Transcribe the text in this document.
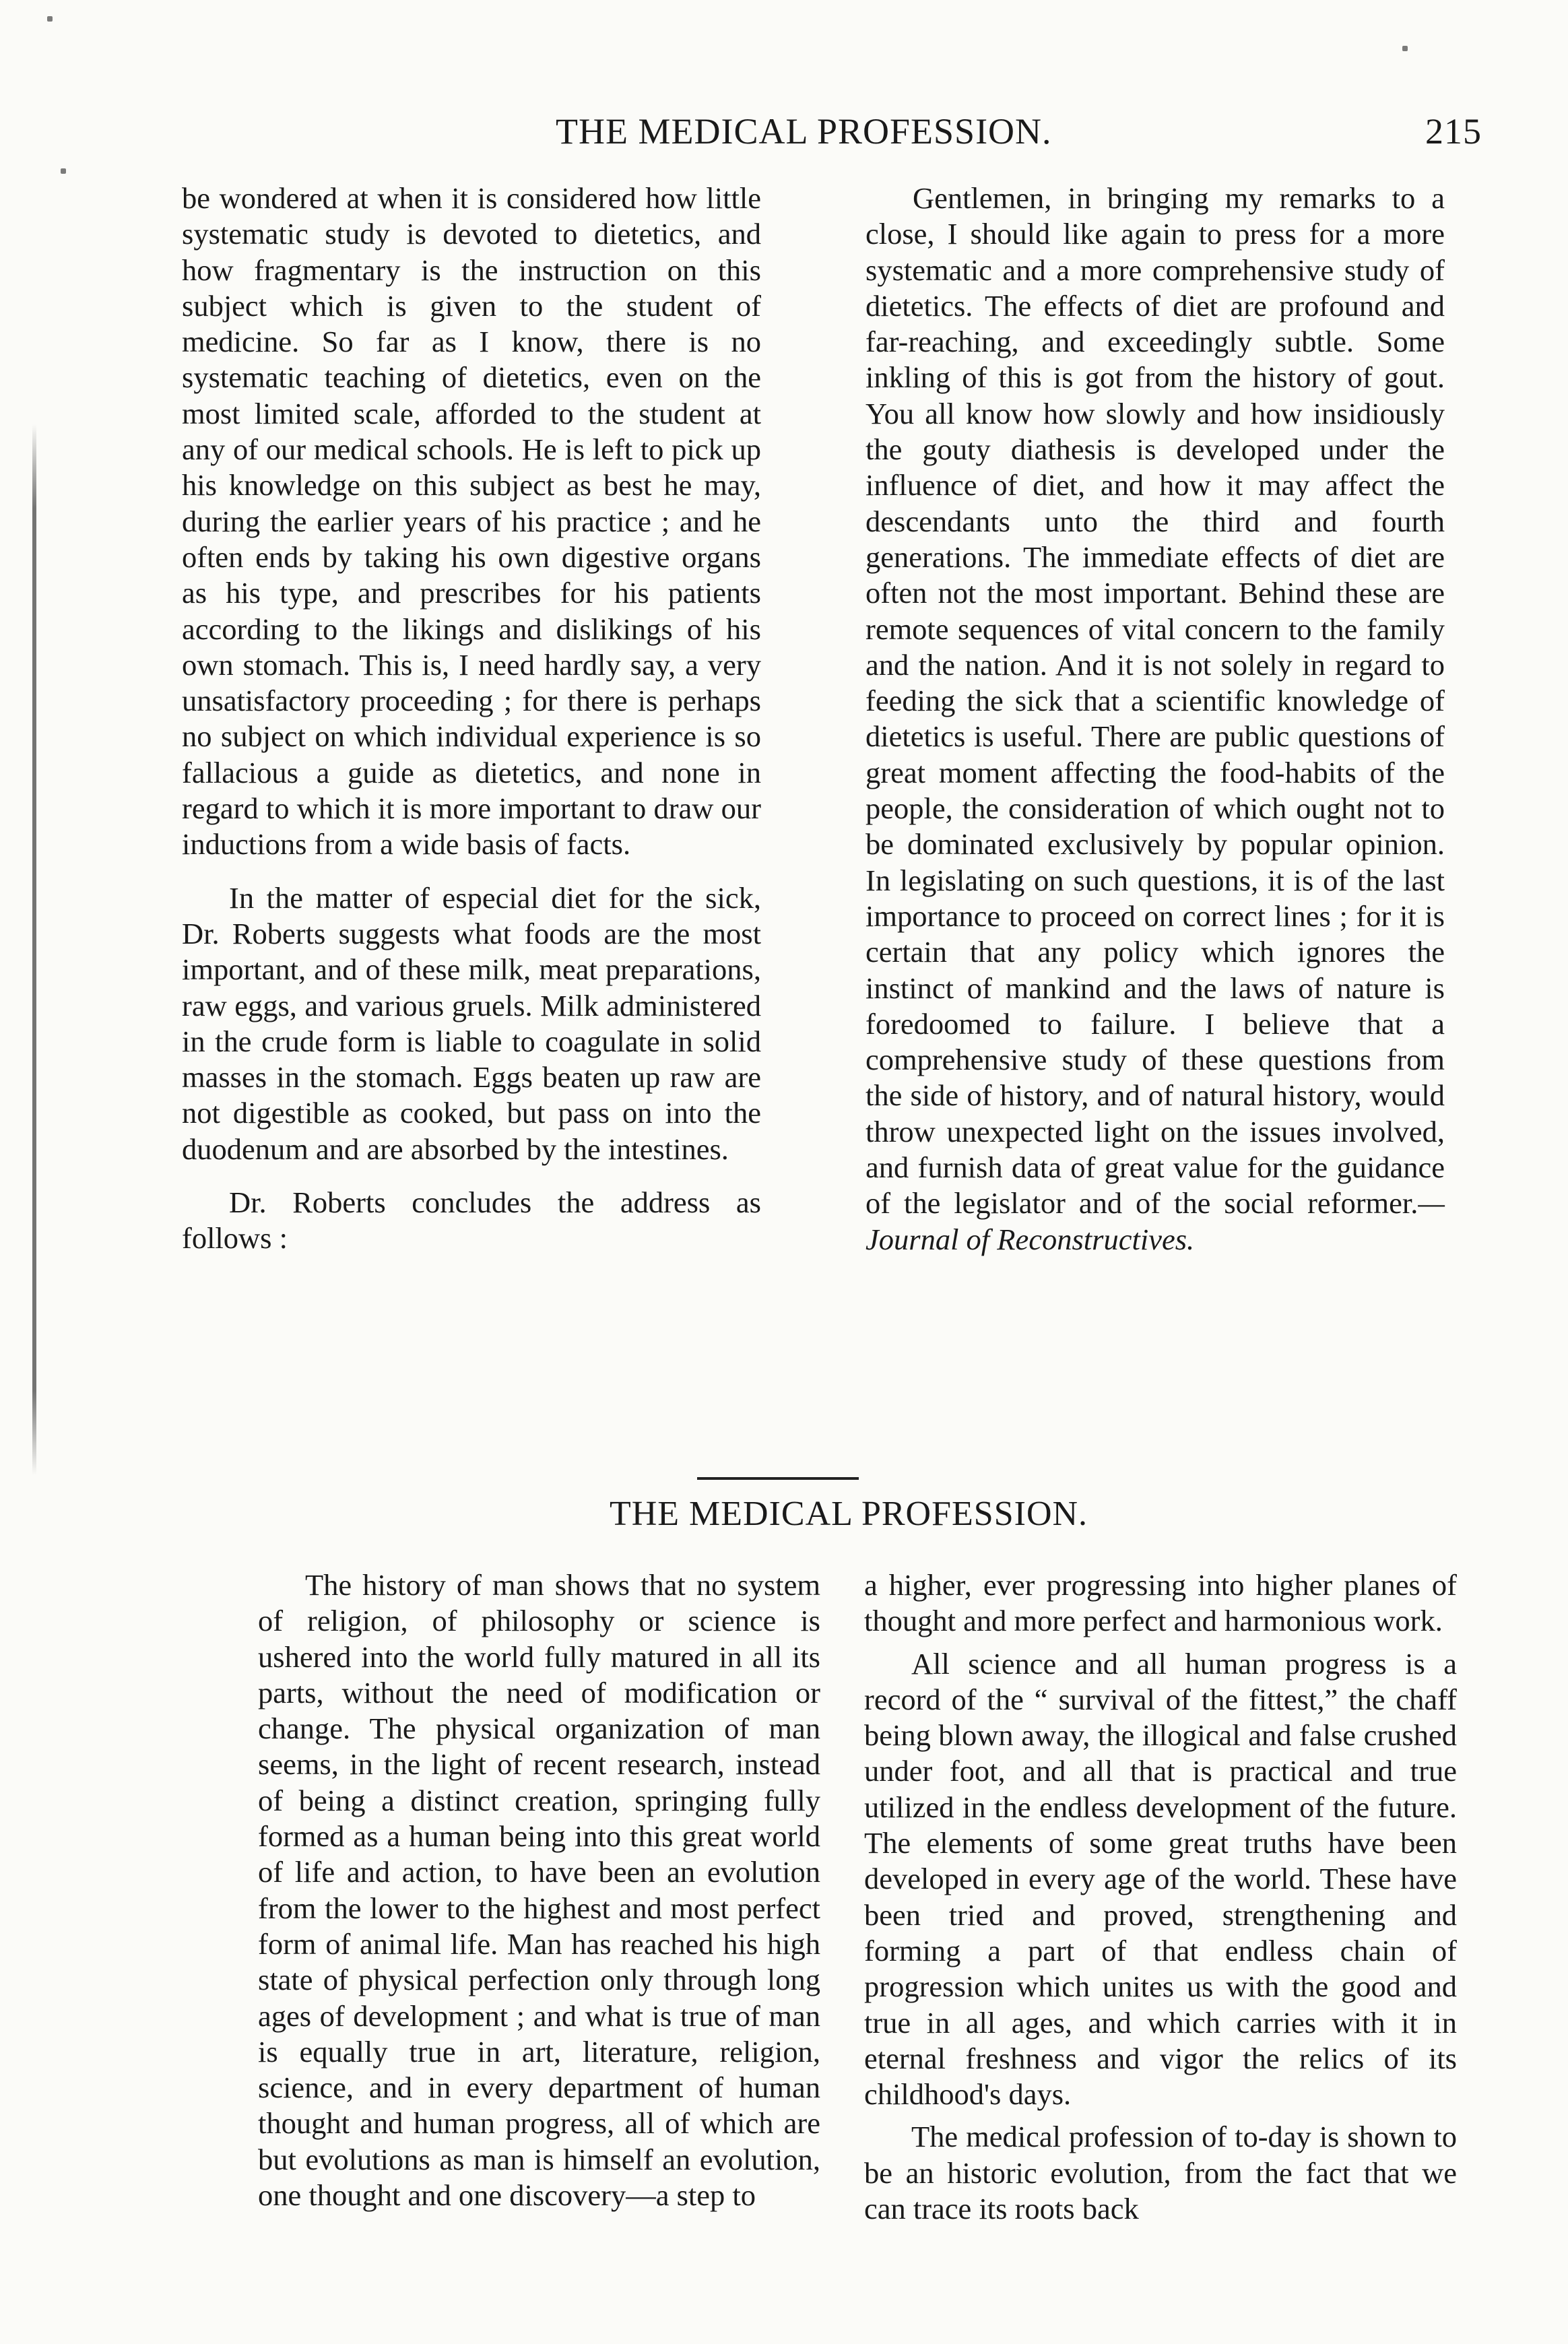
THE MEDICAL PROFESSION.	215

be wondered at when it is considered how little systematic study is devoted to dietetics, and how fragmentary is the instruction on this subject which is given to the student of medicine. So far as I know, there is no systematic teaching of dietetics, even on the most limited scale, afforded to the student at any of our medical schools. He is left to pick up his knowledge on this subject as best he may, during the earlier years of his practice ; and he often ends by taking his own digestive organs as his type, and prescribes for his patients according to the likings and dislikings of his own stomach. This is, I need hardly say, a very unsatisfactory proceeding ; for there is perhaps no subject on which individual experience is so fallacious a guide as dietetics, and none in regard to which it is more important to draw our inductions from a wide basis of facts.

In the matter of especial diet for the sick, Dr. Roberts suggests what foods are the most important, and of these milk, meat preparations, raw eggs, and various gruels. Milk administered in the crude form is liable to coagulate in solid masses in the stomach. Eggs beaten up raw are not digestible as cooked, but pass on into the duodenum and are absorbed by the intestines.

Dr. Roberts concludes the address as follows :

Gentlemen, in bringing my remarks to a close, I should like again to press for a more systematic and a more comprehensive study of dietetics. The effects of diet are profound and far-reaching, and exceedingly subtle. Some inkling of this is got from the history of gout. You all know how slowly and how insidiously the gouty diathesis is developed under the influence of diet, and how it may affect the descendants unto the third and fourth generations. The immediate effects of diet are often not the most important. Behind these are remote sequences of vital concern to the family and the nation. And it is not solely in regard to feeding the sick that a scientific knowledge of dietetics is useful. There are public questions of great moment affecting the food-habits of the people, the consideration of which ought not to be dominated exclusively by popular opinion. In legislating on such questions, it is of the last importance to proceed on correct lines ; for it is certain that any policy which ignores the instinct of mankind and the laws of nature is foredoomed to failure. I believe that a comprehensive study of these questions from the side of history, and of natural history, would throw unexpected light on the issues involved, and furnish data of great value for the guidance of the legislator and of the social reformer.—Journal of Reconstructives.

THE MEDICAL PROFESSION.

The history of man shows that no system of religion, of philosophy or science is ushered into the world fully matured in all its parts, without the need of modification or change. The physical organization of man seems, in the light of recent research, instead of being a distinct creation, springing fully formed as a human being into this great world of life and action, to have been an evolution from the lower to the highest and most perfect form of animal life. Man has reached his high state of physical perfection only through long ages of development ; and what is true of man is equally true in art, literature, religion, science, and in every department of human thought and human progress, all of which are but evolutions as man is himself an evolution, one thought and one discovery—a step to

a higher, ever progressing into higher planes of thought and more perfect and harmonious work.

All science and all human progress is a record of the “ survival of the fittest,” the chaff being blown away, the illogical and false crushed under foot, and all that is practical and true utilized in the endless development of the future. The elements of some great truths have been developed in every age of the world. These have been tried and proved, strengthening and forming a part of that endless chain of progression which unites us with the good and true in all ages, and which carries with it in eternal freshness and vigor the relics of its childhood's days.

The medical profession of to-day is shown to be an historic evolution, from the fact that we can trace its roots back
